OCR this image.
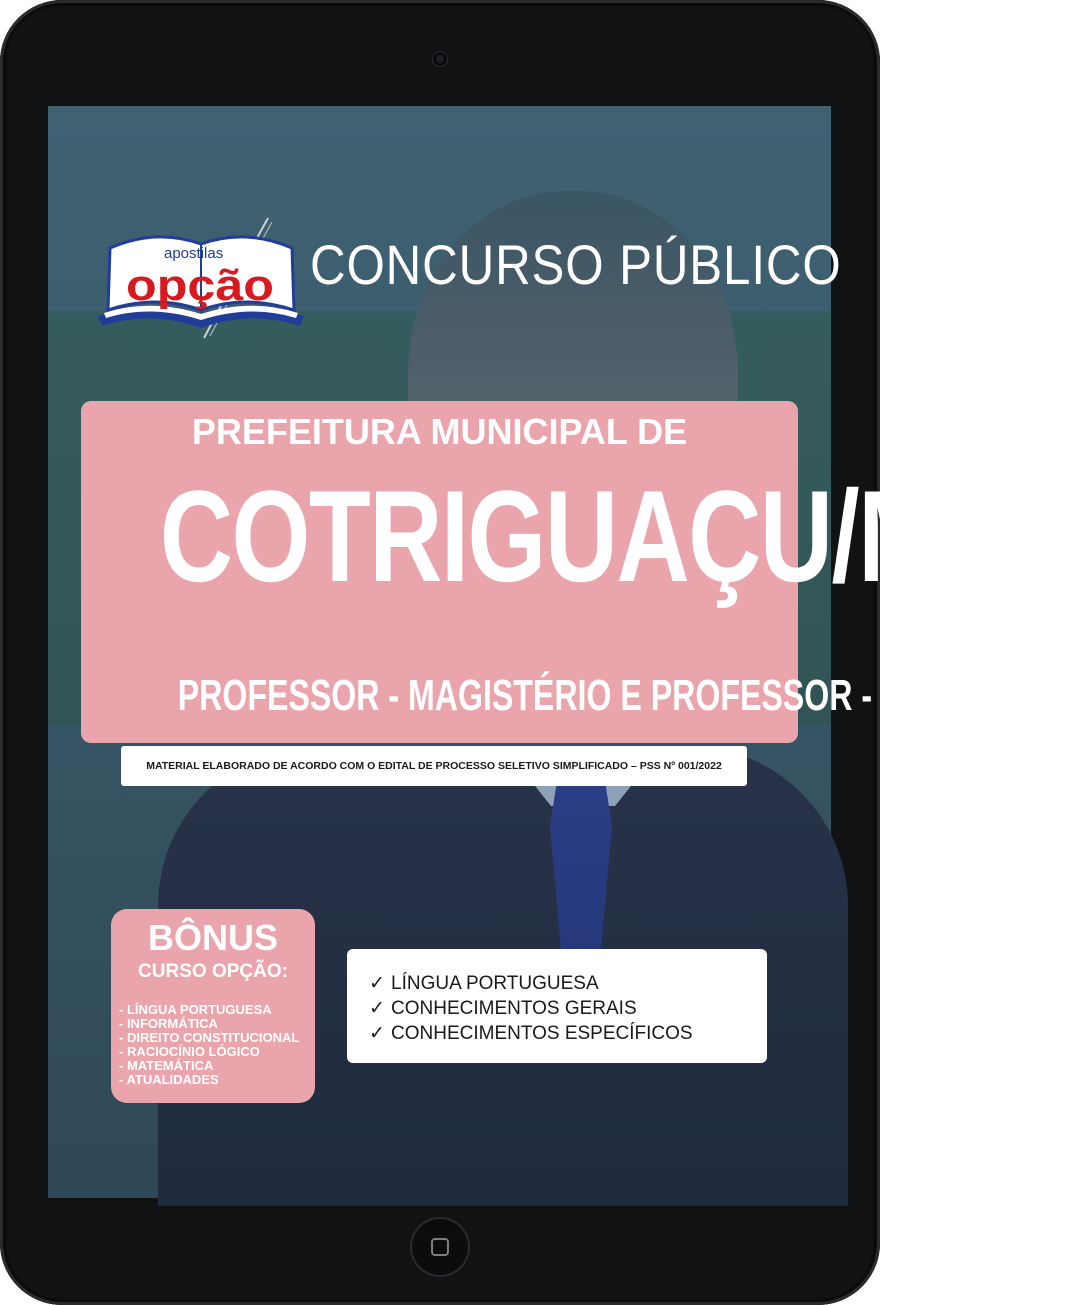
apostilas
opção CONCURSO PÚBLICO
PREFEITURA MUNICIPAL DE
COTRIGUAÇU/MT
PROFESSOR - MAGISTÉRIO E PROFESSOR - NÍVEL MÉDIO
MATERIAL ELABORADO DE ACORDO COM O EDITAL DE PROCESSO SELETIVO SIMPLIFICADO – PSS Nº 001/2022
BÔNUS
CURSO OPÇÃO:
- LÍNGUA PORTUGUESA
- INFORMÁTICA
- DIREITO CONSTITUCIONAL
- RACIOCÍNIO LÓGICO
- MATEMÁTICA
- ATUALIDADES
✓ LÍNGUA PORTUGUESA
✓ CONHECIMENTOS GERAIS
✓ CONHECIMENTOS ESPECÍFICOS
